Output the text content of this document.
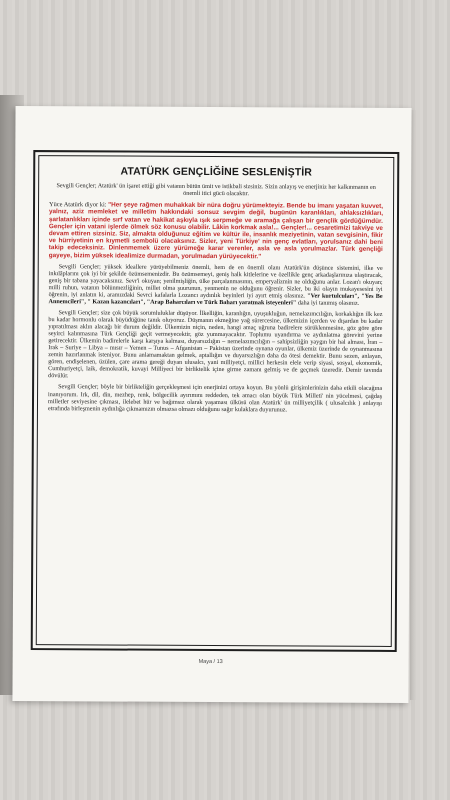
ATATÜRK GENÇLİĞİNE SESLENİŞTİR

Sevgili Gençler; Atatürk' ün işaret ettiği gibi vatanın bütün ümit ve istikbali sizsiniz. Sizin anlayış ve enerjiniz her kalkınmanın en önemli itici gücü olacaktır.

Yüce Atatürk diyor ki: "Her şeye rağmen muhakkak bir nüra doğru yürümekteyiz. Bende bu imanı yaşatan kuvvet, yalnız, aziz memleket ve milletim hakkındaki sonsuz sevgim değil, bugünün karanlıkları, ahlaksızlıkları, şarlatanlıkları içinde sırf vatan ve hakikat aşkıyla ışık serpmeğe ve aramağa çalışan bir gençlik gördüğümdür. Gençler için vatani işlerde ölmek söz konusu olabilir. Lâkin korkmak asla!... Gençler!... cesaretimizi takviye ve devam ettiren sizsiniz. Siz, almakta olduğunuz eğitim ve kültür ile, insanlık meziyetinin, vatan sevgisinin, fikir ve hürriyetinin en kıymetli sembolü olacaksınız. Sizler, yeni Türkiye' nin genç evlatları, yorulsanız dahi beni takip edeceksiniz. Dinlenmemek üzere yürümeğe karar verenler, asla ve asla yorulmazlar. Türk gençliği gayeye, bizim yüksek idealimize durmadan, yorulmadan yürüyecektir."

Sevgili Gençler; yüksek ideallere yürüyebilmeniz önemli, hem de en önemli olanı Atatürk'ün düşünce sistemini, ilke ve inkılâplarını çok iyi bir şekilde özümsemenizdir. Bu özümsemeyi, geniş halk kitlelerine ve özellikle genç arkadaşlarınıza ulaştıracak, geniş bir tabana yayacaksınız. Sevr'i okuyan; yenilmişliğin, ülke parçalanmasının, emperyalizmin ne olduğunu anlar. Lozan'ı okuyan; milli ruhun, vatanın bölünmezliğinin, millet olma şuurunun, yenmenin ne olduğunu öğrenir. Sizler, bu iki olayın mukayesesini iyi öğrenin, iyi anlatın ki, aramızdaki Sevrci kafalarla Lozancı aydınlık beyinleri iyi ayırt etmiş olasınız. "Ver kurtulcuları", "Yes Be Annemcileri", " Kazan kazancıları", "Arap Baharcıları ve Türk Baharı yaratmak isteyenleri" daha iyi tanımış olasınız.

Sevgili Gençler; size çok büyük sorumluluklar düşüyor. İlkelliğin, karanlığın, uyuşukluğun, nemelazımcılığın, korkaklığın ilk kez bu kadar hormonlu olarak büyüdüğüne tanık oluyoruz. Düşmanın ekmeğine yağ sürercesine, ülkemizin içerden ve dışardan bu kadar yıpratılması aklın alacağı bir durum değildir. Ülkemizin niçin, neden, hangi amaç uğruna badirelere sürüklenmesine, göz göre göre seyirci kalınmasına Türk Gençliği geçit vermeyecektir, göz yummayacaktır. Toplumu uyandırma ve aydınlatma görevini yerine getirecektir. Ülkemin badirelerle karşı karşıya kalması, duyarsızlığın – nemelazımcılığın – sahipsizliğin yaygın bir hal alması, İran – Irak – Suriye – Libya – mısır – Yemen – Tunus – Afganistan – Pakistan üzerinde oynana oyunlar, ülkemiz üzerinde de oynanmasına zemin hazırlanmak isteniyor. Bunu anlamamaktan gelmek, aptallığın ve duyarsızlığın daha da ötesi demektir. Bunu sezen, anlayan, gören, endişelenen, üzülen, çare arama gereği duyan ulusalcı, yani milliyetçi, millici herkesin elele verip siyasi, sosyal, ekonomik, Cumhuriyetçi, laik, demokratik, kuvayi Milliyeci bir birliktelik içine girme zamanı gelmiş ve de geçmek üzeredir. Demir tavında dövülür.

Sevgili Gençler; böyle bir birlikteliğin gerçekleşmesi için enerjinizi ortaya koyun. Bu yönlü girişimlerinizin daha etkili olacağına inanıyorum. Irk, dil, din, mezhep, renk, bölgecilik ayırımını reddeden, tek amacı olan büyük Türk Milleti' nin yücelmesi, çağdaş milletler seviyesine çıkması, ilelebet hür ve bağımsız olarak yaşaması ülküsü olan Atatürk' ün milliyetçilik ( ulusalcılık ) anlayışı etrafında birleşmenin aydınlığa çıkmamızın olmazsa olmazı olduğunu sağır kulaklara duyurunuz.

Maya / 13
